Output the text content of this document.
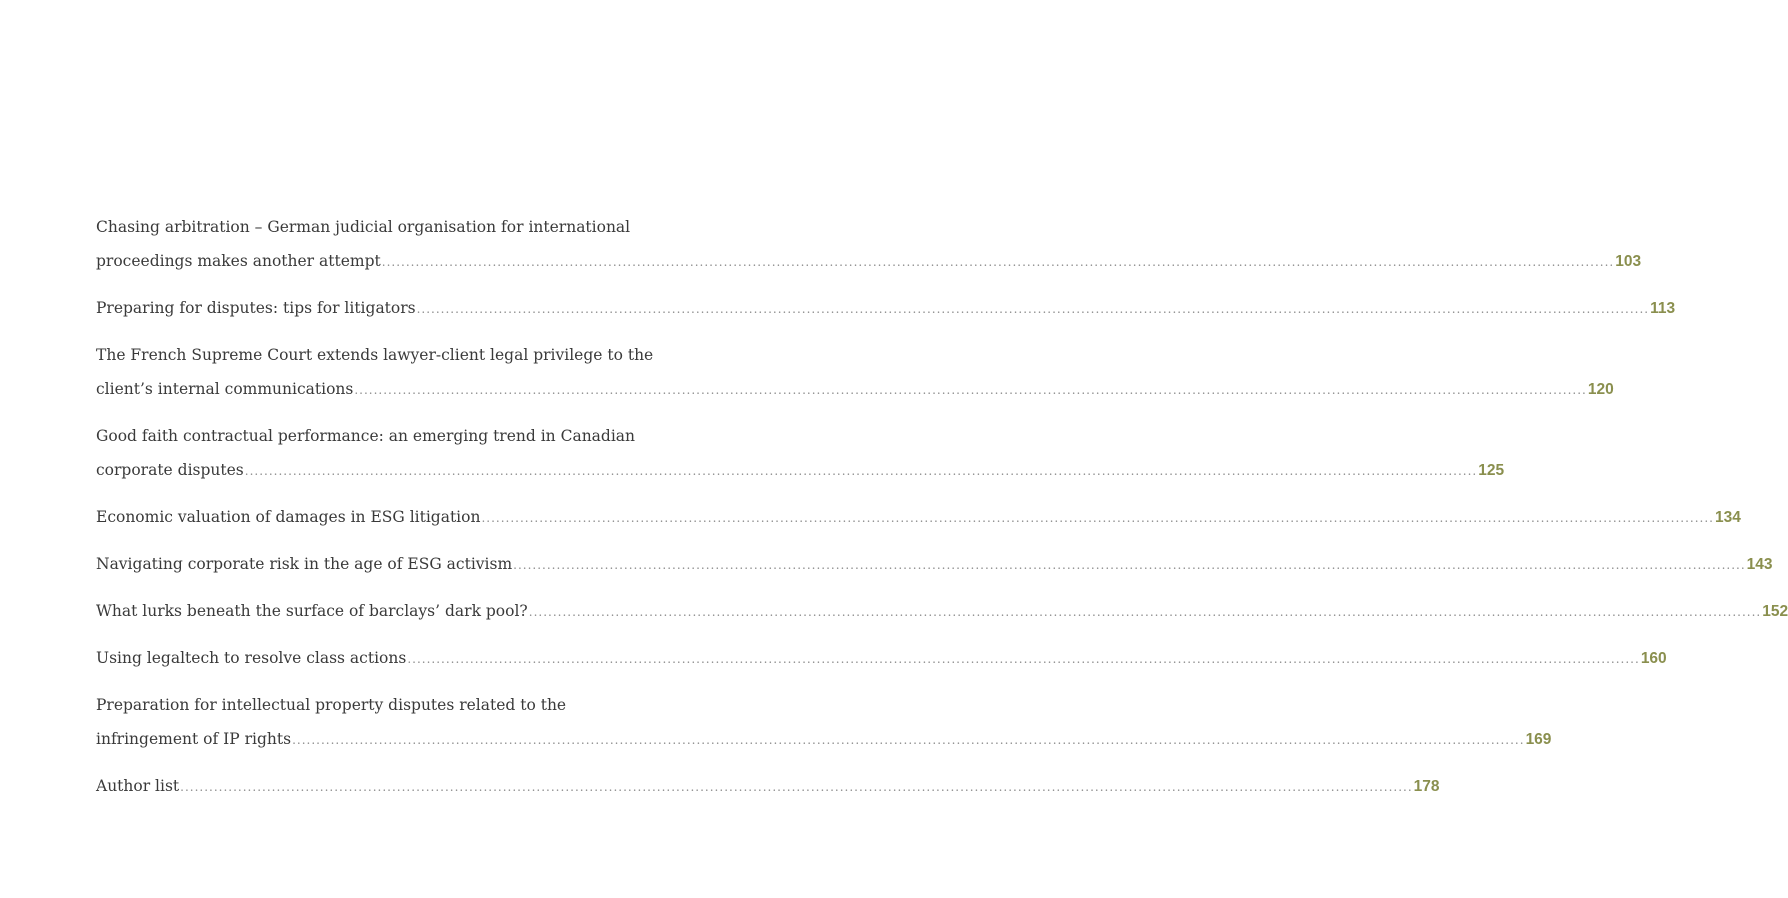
Chasing arbitration – German judicial organisation for international
proceedings makes another attempt .....	103
Preparing for disputes: tips for litigators .....	113
The French Supreme Court extends lawyer-client legal privilege to the
client’s internal communications .....	120
Good faith contractual performance: an emerging trend in Canadian
corporate disputes .....	125
Economic valuation of damages in ESG litigation .....	134
Navigating corporate risk in the age of ESG activism .....	143
What lurks beneath the surface of barclays’ dark pool? .....	152
Using legaltech to resolve class actions .....	160
Preparation for intellectual property disputes related to the
infringement of IP rights .....	169
Author list .....	178
